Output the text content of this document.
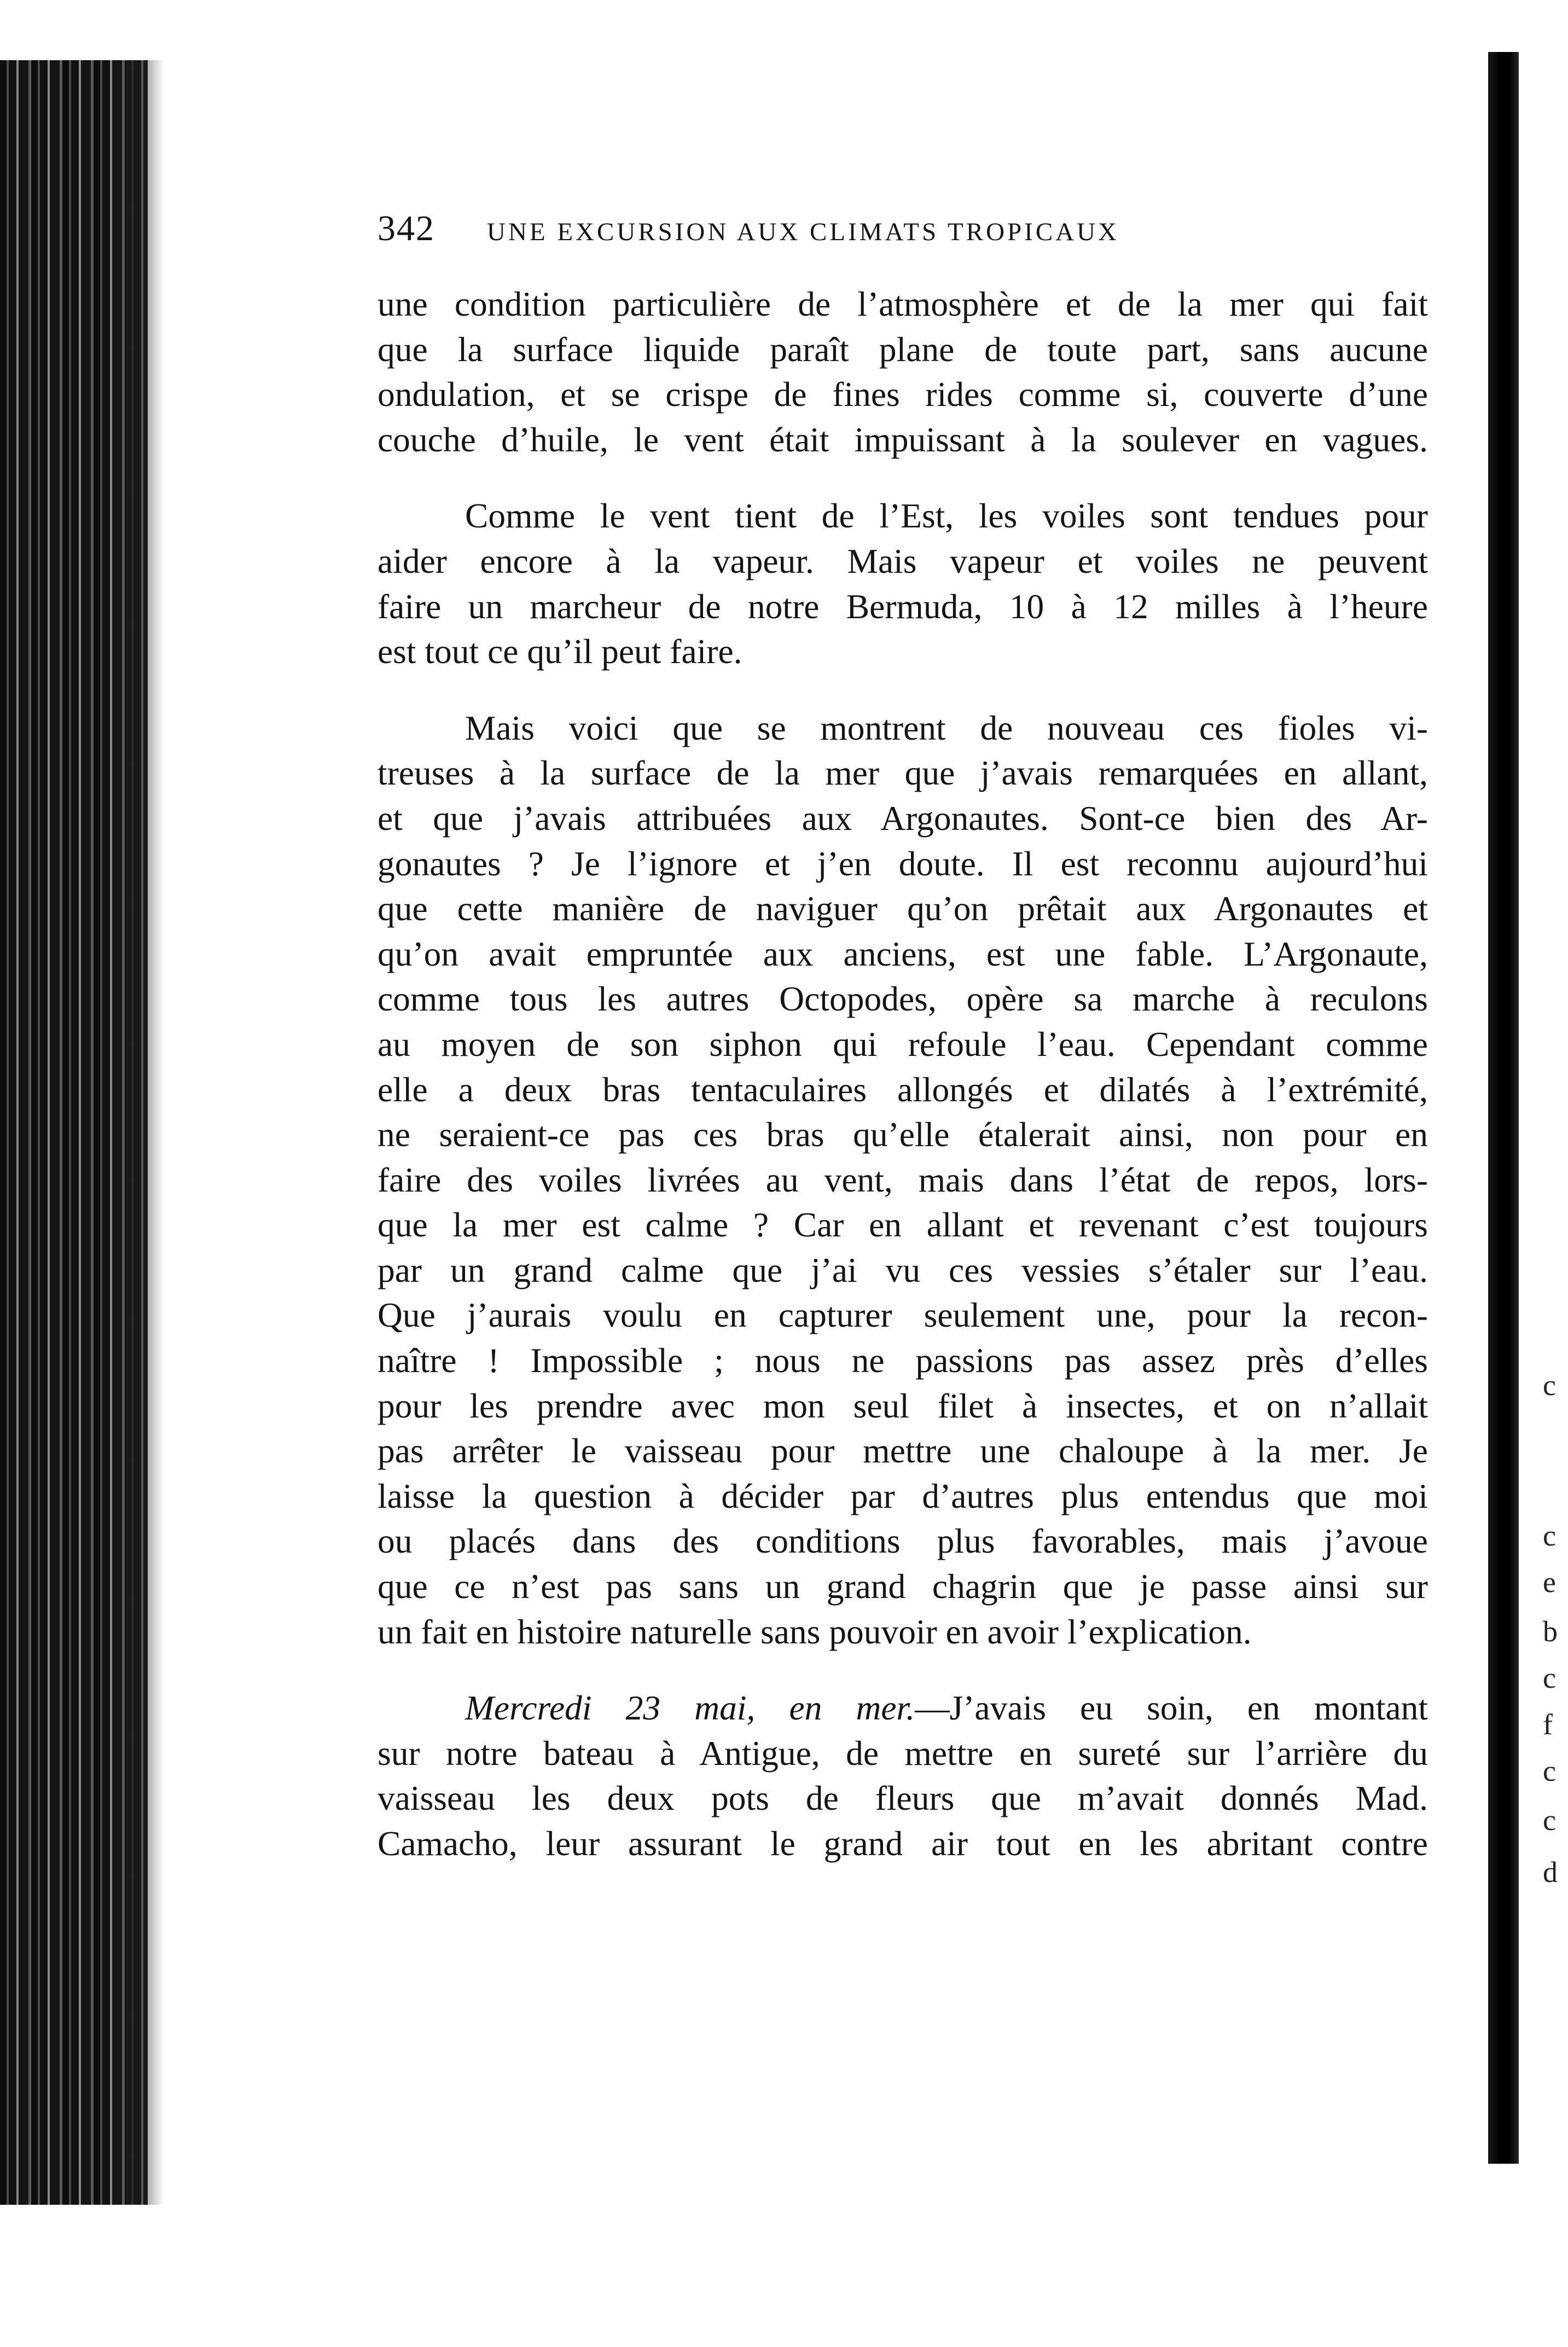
342 UNE EXCURSION AUX CLIMATS TROPICAUX

une condition particulière de l’atmosphère et de la mer qui fait
que la surface liquide paraît plane de toute part, sans aucune
ondulation, et se crispe de fines rides comme si, couverte d’une
couche d’huile, le vent était impuissant à la soulever en vagues.

Comme le vent tient de l’Est, les voiles sont tendues pour
aider encore à la vapeur. Mais vapeur et voiles ne peuvent
faire un marcheur de notre Bermuda, 10 à 12 milles à l’heure
est tout ce qu’il peut faire.

Mais voici que se montrent de nouveau ces fioles vi-
treuses à la surface de la mer que j’avais remarquées en allant,
et que j’avais attribuées aux Argonautes. Sont-ce bien des Ar-
gonautes ? Je l’ignore et j’en doute. Il est reconnu aujourd’hui
que cette manière de naviguer qu’on prêtait aux Argonautes et
qu’on avait empruntée aux anciens, est une fable. L’Argonaute,
comme tous les autres Octopodes, opère sa marche à reculons
au moyen de son siphon qui refoule l’eau. Cependant comme
elle a deux bras tentaculaires allongés et dilatés à l’extrémité,
ne seraient-ce pas ces bras qu’elle étalerait ainsi, non pour en
faire des voiles livrées au vent, mais dans l’état de repos, lors-
que la mer est calme ? Car en allant et revenant c’est toujours
par un grand calme que j’ai vu ces vessies s’étaler sur l’eau.
Que j’aurais voulu en capturer seulement une, pour la recon-
naître ! Impossible ; nous ne passions pas assez près d’elles
pour les prendre avec mon seul filet à insectes, et on n’allait
pas arrêter le vaisseau pour mettre une chaloupe à la mer. Je
laisse la question à décider par d’autres plus entendus que moi
ou placés dans des conditions plus favorables, mais j’avoue
que ce n’est pas sans un grand chagrin que je passe ainsi sur
un fait en histoire naturelle sans pouvoir en avoir l’explication.

Mercredi 23 mai, en mer.—J’avais eu soin, en montant
sur notre bateau à Antigue, de mettre en sureté sur l’arrière du
vaisseau les deux pots de fleurs que m’avait donnés Mad.
Camacho, leur assurant le grand air tout en les abritant contre

c
c
e
b
c
f
c
c
d
